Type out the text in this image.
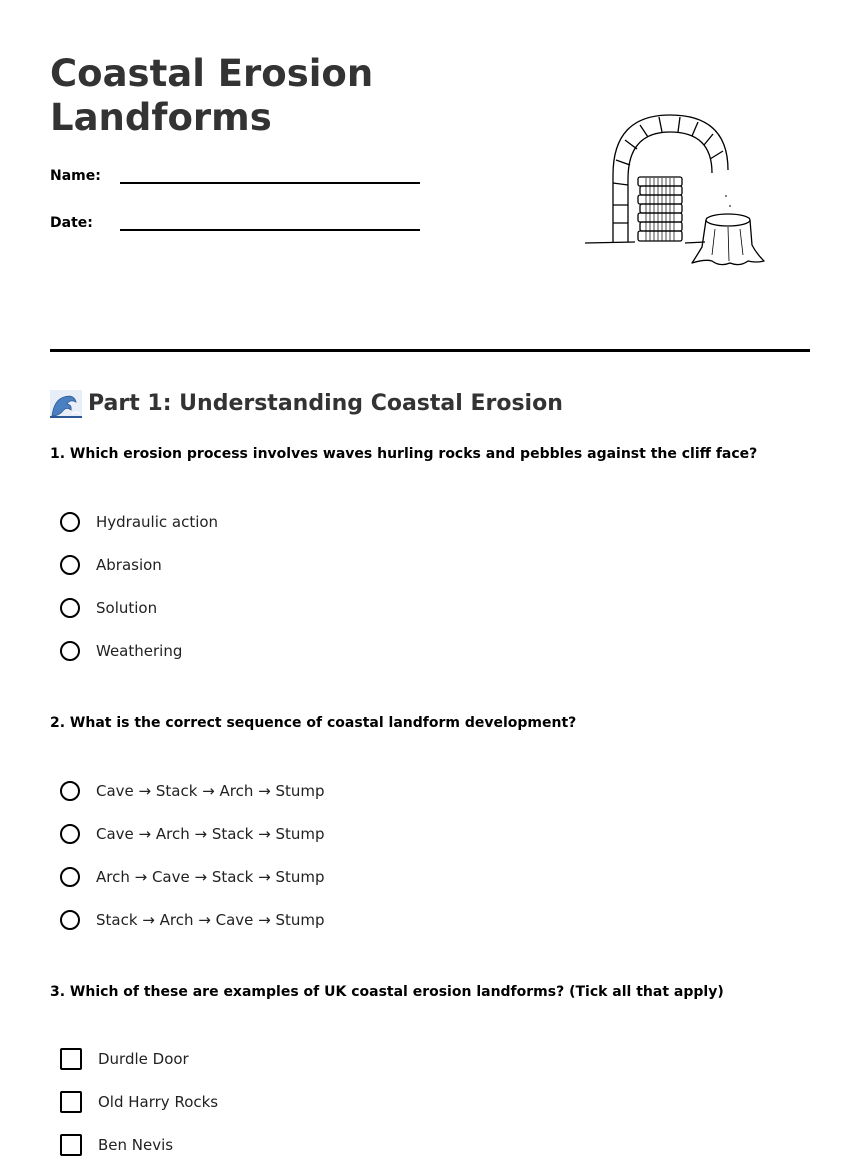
Coastal Erosion Landforms
Name:
Date:
Part 1: Understanding Coastal Erosion

1. Which erosion process involves waves hurling rocks and pebbles against the cliff face?

Hydraulic action
Abrasion
Solution
Weathering

2. What is the correct sequence of coastal landform development?

Cave → Stack → Arch → Stump
Cave → Arch → Stack → Stump
Arch → Cave → Stack → Stump
Stack → Arch → Cave → Stump

3. Which of these are examples of UK coastal erosion landforms? (Tick all that apply)

Durdle Door
Old Harry Rocks
Ben Nevis
